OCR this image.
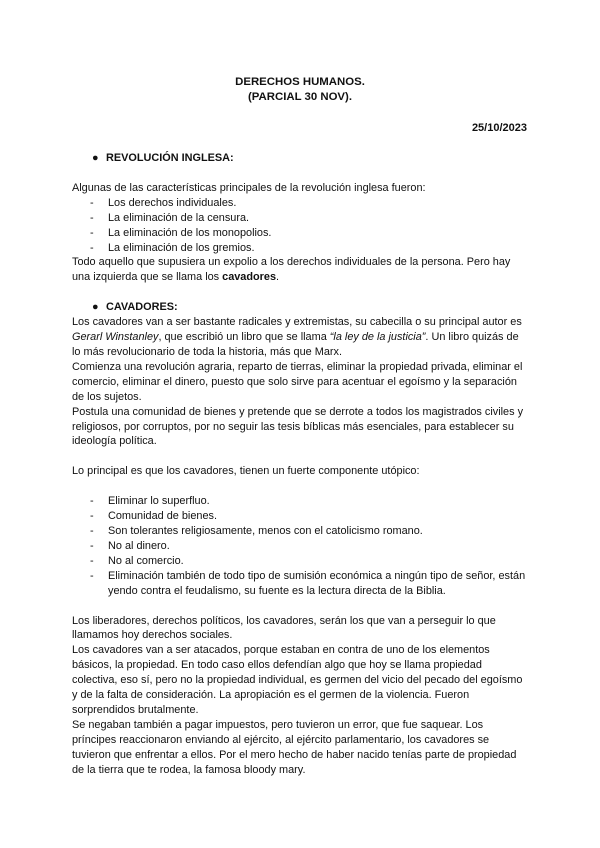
DERECHOS HUMANOS.
(PARCIAL 30 NOV).
25/10/2023
● REVOLUCIÓN INGLESA:

Algunas de las características principales de la revolución inglesa fueron:

- Los derechos individuales.
- La eliminación de la censura.
- La eliminación de los monopolios.
- La eliminación de los gremios.

Todo aquello que supusiera un expolio a los derechos individuales de la persona. Pero hay una izquierda que se llama los cavadores.

● CAVADORES:

Los cavadores van a ser bastante radicales y extremistas, su cabecilla o su principal autor es Gerarl Winstanley, que escribió un libro que se llama “la ley de la justicia”. Un libro quizás de lo más revolucionario de toda la historia, más que Marx.

Comienza una revolución agraria, reparto de tierras, eliminar la propiedad privada, eliminar el comercio, eliminar el dinero, puesto que solo sirve para acentuar el egoísmo y la separación de los sujetos.

Postula una comunidad de bienes y pretende que se derrote a todos los magistrados civiles y religiosos, por corruptos, por no seguir las tesis bíblicas más esenciales, para establecer su ideología política.

Lo principal es que los cavadores, tienen un fuerte componente utópico:

- Eliminar lo superfluo.
- Comunidad de bienes.
- Son tolerantes religiosamente, menos con el catolicismo romano.
- No al dinero.
- No al comercio.
- Eliminación también de todo tipo de sumisión económica a ningún tipo de señor, están yendo contra el feudalismo, su fuente es la lectura directa de la Biblia.

Los liberadores, derechos políticos, los cavadores, serán los que van a perseguir lo que llamamos hoy derechos sociales.

Los cavadores van a ser atacados, porque estaban en contra de uno de los elementos básicos, la propiedad. En todo caso ellos defendían algo que hoy se llama propiedad colectiva, eso sí, pero no la propiedad individual, es germen del vicio del pecado del egoísmo y de la falta de consideración. La apropiación es el germen de la violencia. Fueron sorprendidos brutalmente.

Se negaban también a pagar impuestos, pero tuvieron un error, que fue saquear. Los príncipes reaccionaron enviando al ejército, al ejército parlamentario, los cavadores se tuvieron que enfrentar a ellos. Por el mero hecho de haber nacido tenías parte de propiedad de la tierra que te rodea, la famosa bloody mary.
